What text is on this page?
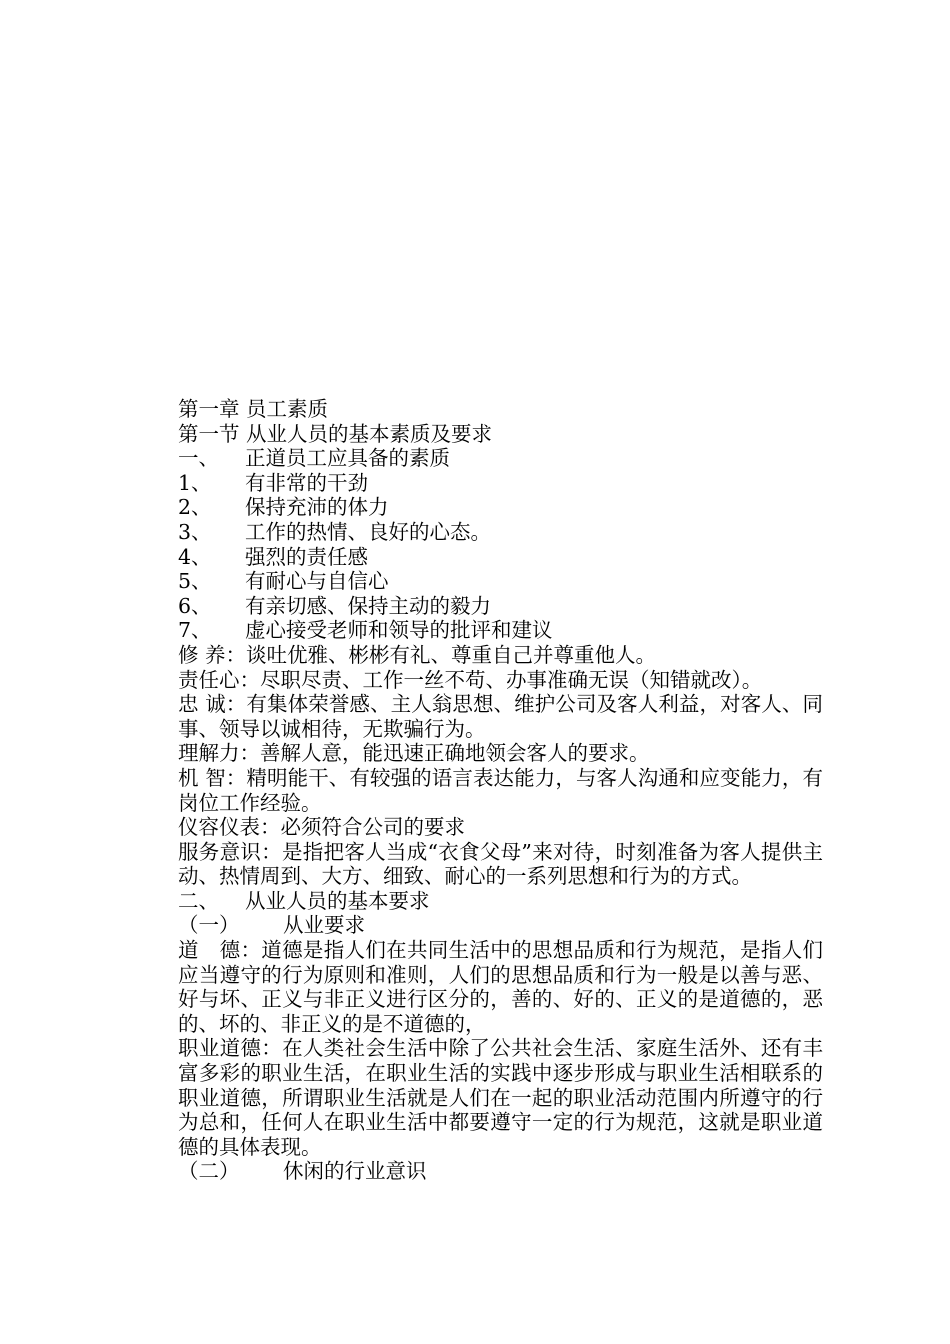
第一章 员工素质
第一节 从业人员的基本素质及要求
一、 正道员工应具备的素质
1、 有非常的干劲
2、 保持充沛的体力
3、 工作的热情、良好的心态。
4、 强烈的责任感
5、 有耐心与自信心
6、 有亲切感、保持主动的毅力
7、 虚心接受老师和领导的批评和建议
修 养：谈吐优雅、彬彬有礼、尊重自己并尊重他人。
责任心：尽职尽责、工作一丝不苟、办事准确无误（知错就改）。
忠 诚：有集体荣誉感、主人翁思想、维护公司及客人利益，对客人、同事、领导以诚相待，无欺骗行为。
理解力：善解人意，能迅速正确地领会客人的要求。
机 智：精明能干、有较强的语言表达能力，与客人沟通和应变能力，有岗位工作经验。
仪容仪表：必须符合公司的要求
服务意识：是指把客人当成“衣食父母”来对待，时刻准备为客人提供主动、热情周到、大方、细致、耐心的一系列思想和行为的方式。
二、 从业人员的基本要求
（一） 从业要求
道　德：道德是指人们在共同生活中的思想品质和行为规范，是指人们应当遵守的行为原则和准则，人们的思想品质和行为一般是以善与恶、好与坏、正义与非正义进行区分的，善的、好的、正义的是道德的，恶的、坏的、非正义的是不道德的，
职业道德：在人类社会生活中除了公共社会生活、家庭生活外、还有丰富多彩的职业生活，在职业生活的实践中逐步形成与职业生活相联系的职业道德，所谓职业生活就是人们在一起的职业活动范围内所遵守的行为总和，任何人在职业生活中都要遵守一定的行为规范，这就是职业道德的具体表现。
（二） 休闲的行业意识
